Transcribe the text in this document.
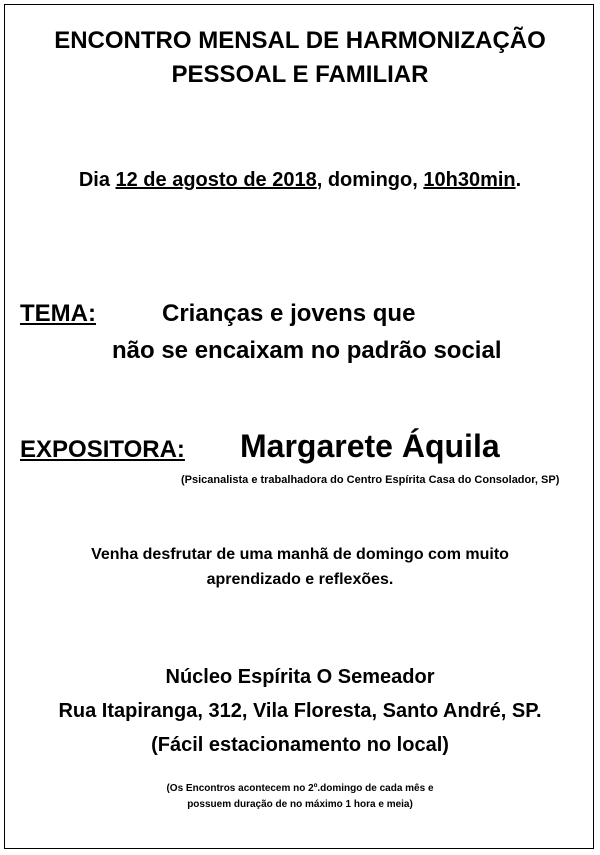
ENCONTRO MENSAL DE HARMONIZAÇÃO
PESSOAL E FAMILIAR
Dia 12 de agosto de 2018, domingo, 10h30min.
TEMA:	Crianças e jovens que
não se encaixam no padrão social
EXPOSITORA: Margarete Áquila
(Psicanalista e trabalhadora do Centro Espírita Casa do Consolador, SP)
Venha desfrutar de uma manhã de domingo com muito
aprendizado e reflexões.
Núcleo Espírita O Semeador
Rua Itapiranga, 312, Vila Floresta, Santo André, SP.
(Fácil estacionamento no local)
(Os Encontros acontecem no 2º.domingo de cada mês e
possuem duração de no máximo 1 hora e meia)
